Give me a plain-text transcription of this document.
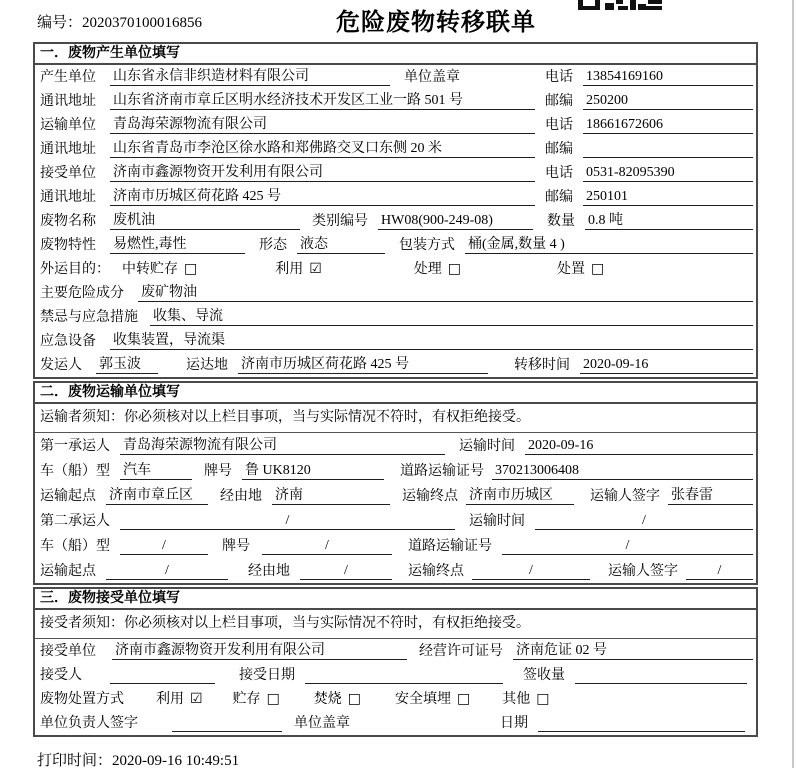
编号：2020370100016856	危险废物转移联单
一．废物产生单位填写
产生单位 山东省永信非织造材料有限公司	单位盖章	电话 13854169160
通讯地址 山东省济南市章丘区明水经济技术开发区工业一路 501 号	邮编 250200
运输单位 青岛海荣源物流有限公司	电话 18661672606
通讯地址 山东省青岛市李沧区徐水路和郑佛路交叉口东侧 20 米	邮编
接受单位 济南市鑫源物资开发利用有限公司	电话 0531-82095390
通讯地址 济南市历城区荷花路 425 号	邮编 250101
废物名称 废机油	类别编号 HW08(900-249-08)	数量 0.8 吨
废物特性 易燃性,毒性	形态 液态	包装方式 桶(金属,数量 4 )
外运目的： 中转贮存 □	利用 ☑	处理 □	处置 □
主要危险成分 废矿物油
禁忌与应急措施 收集、导流
应急设备 收集装置，导流渠
发运人 郭玉波	运达地 济南市历城区荷花路 425 号	转移时间 2020-09-16
二．废物运输单位填写
运输者须知：你必须核对以上栏目事项，当与实际情况不符时，有权拒绝接受。
第一承运人 青岛海荣源物流有限公司	运输时间 2020-09-16
车（船）型 汽车	牌号 鲁 UK8120	道路运输证号 370213006408
运输起点 济南市章丘区	经由地 济南	运输终点 济南市历城区	运输人签字 张春雷
第二承运人	/	运输时间	/
车（船）型	/	牌号	/	道路运输证号	/
运输起点	/	经由地	/	运输终点	/	运输人签字	/
三．废物接受单位填写
接受者须知：你必须核对以上栏目事项，当与实际情况不符时，有权拒绝接受。
接受单位 济南市鑫源物资开发利用有限公司	经营许可证号 济南危证 02 号
接受人	接受日期	签收量
废物处置方式 利用 ☑ 贮存 □ 焚烧 □ 安全填埋 □ 其他 □
单位负责人签字	单位盖章	日期
打印时间：2020-09-16 10:49:51
